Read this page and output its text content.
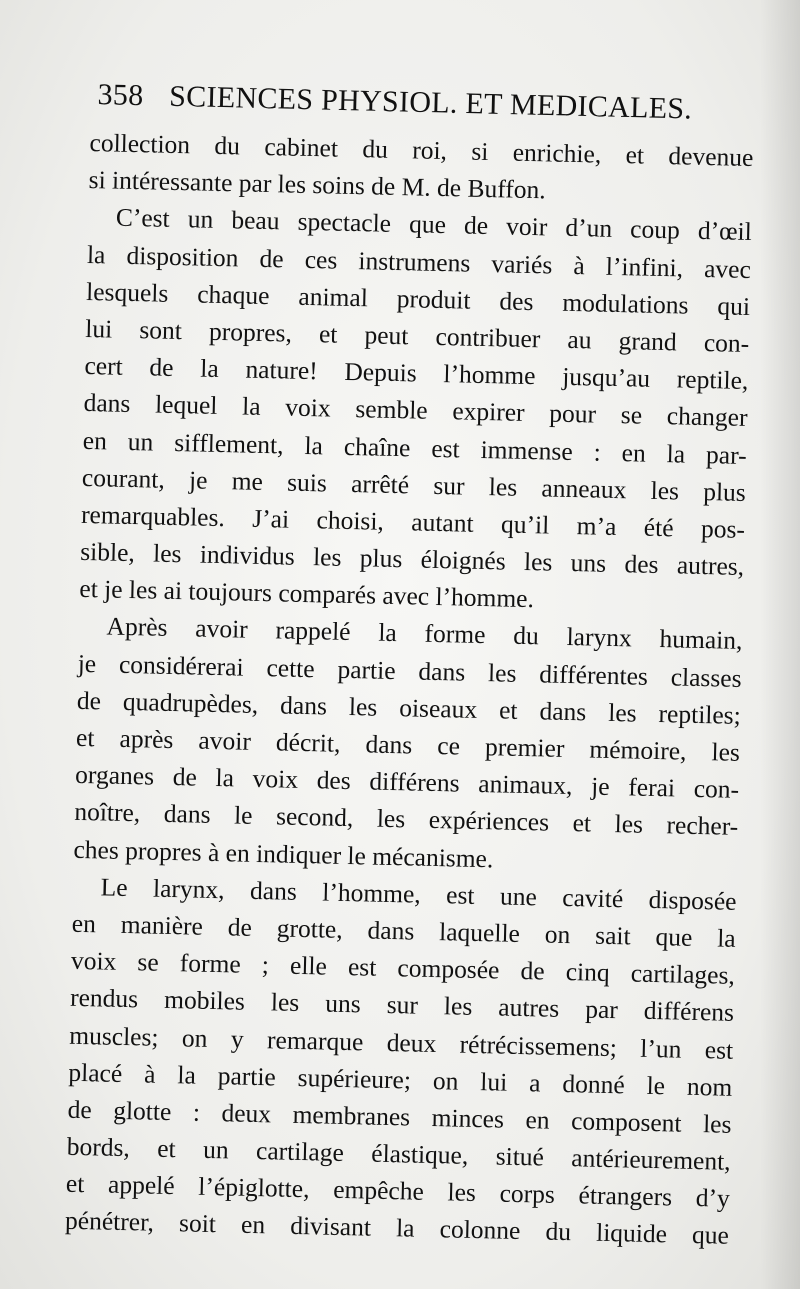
358 SCIENCES PHYSIOL. ET MEDICALES.
collection du cabinet du roi, si enrichie, et devenue
si intéressante par les soins de M. de Buffon.
C’est un beau spectacle que de voir d’un coup d’œil
la disposition de ces instrumens variés à l’infini, avec
lesquels chaque animal produit des modulations qui
lui sont propres, et peut contribuer au grand con-
cert de la nature! Depuis l’homme jusqu’au reptile,
dans lequel la voix semble expirer pour se changer
en un sifflement, la chaîne est immense : en la par-
courant, je me suis arrêté sur les anneaux les plus
remarquables. J’ai choisi, autant qu’il m’a été pos-
sible, les individus les plus éloignés les uns des autres,
et je les ai toujours comparés avec l’homme.
Après avoir rappelé la forme du larynx humain,
je considérerai cette partie dans les différentes classes
de quadrupèdes, dans les oiseaux et dans les reptiles;
et après avoir décrit, dans ce premier mémoire, les
organes de la voix des différens animaux, je ferai con-
noître, dans le second, les expériences et les recher-
ches propres à en indiquer le mécanisme.
Le larynx, dans l’homme, est une cavité disposée
en manière de grotte, dans laquelle on sait que la
voix se forme ; elle est composée de cinq cartilages,
rendus mobiles les uns sur les autres par différens
muscles; on y remarque deux rétrécissemens; l’un est
placé à la partie supérieure; on lui a donné le nom
de glotte : deux membranes minces en composent les
bords, et un cartilage élastique, situé antérieurement,
et appelé l’épiglotte, empêche les corps étrangers d’y
pénétrer, soit en divisant la colonne du liquide que
